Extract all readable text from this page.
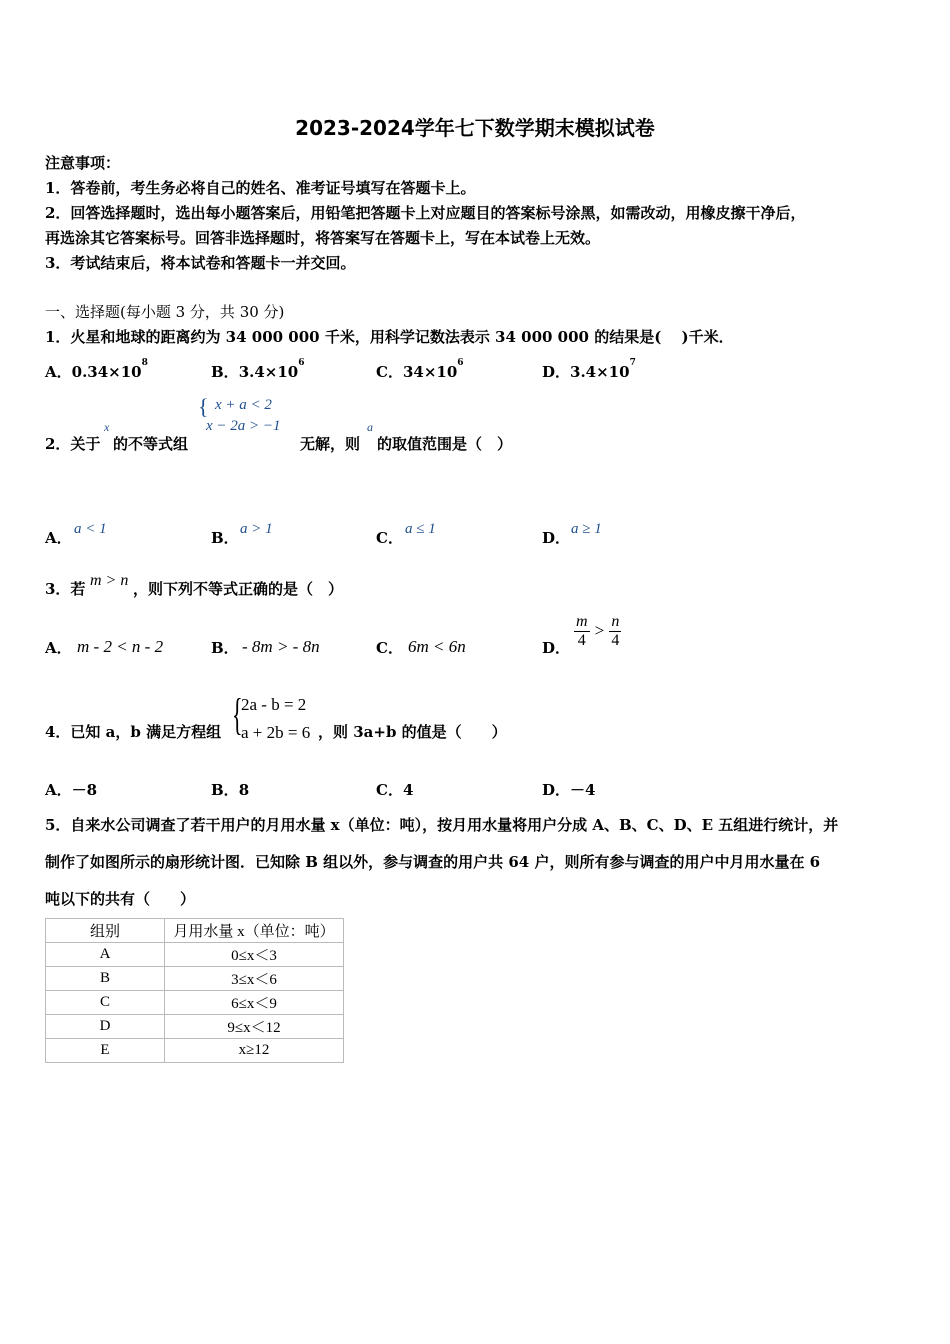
2023-2024学年七下数学期末模拟试卷
注意事项：
1．答卷前，考生务必将自己的姓名、准考证号填写在答题卡上。
2．回答选择题时，选出每小题答案后，用铅笔把答题卡上对应题目的答案标号涂黑，如需改动，用橡皮擦干净后，
再选涂其它答案标号。回答非选择题时，将答案写在答题卡上，写在本试卷上无效。
3．考试结束后，将本试卷和答题卡一并交回。
一、选择题(每小题 3 分，共 30 分)
1．火星和地球的距离约为 34 000 000 千米，用科学记数法表示 34 000 000 的结果是(　 )千米．
A．$0.34\times 10^8$	B．$3.4\times 10^6$	C．$34\times 10^6$	D．$3.4\times 10^7$
2．关于
x
的不等式组
{ x + a < 2
x − 2a > −1
无解，则
a
的取值范围是（　）
A． a < 1	B． a > 1	C． a ≤ 1	D． a ≥ 1
3．若 m > n ，则下列不等式正确的是（　）
A． m - 2 < n - 2	B． - 8m > - 8n	C． 6m < 6n	D． $\frac{m}{4} > \frac{n}{4}$
4．已知 a，b 满足方程组 {
2a - b = 2
a + 2b = 6 ，则 3a+b 的值是（　　）
A．－8	B．8	C．4	D．－4
5．自来水公司调查了若干用户的月用水量 x（单位：吨），按月用水量将用户分成 A、B、C、D、E 五组进行统计，并
制作了如图所示的扇形统计图．已知除 B 组以外，参与调查的用户共 64 户，则所有参与调查的用户中月用水量在 6
吨以下的共有（　　）
组别	月用水量 x（单位：吨）
A	0≤x＜3
B	3≤x＜6
C	6≤x＜9
D	9≤x＜12
E	x≥12
